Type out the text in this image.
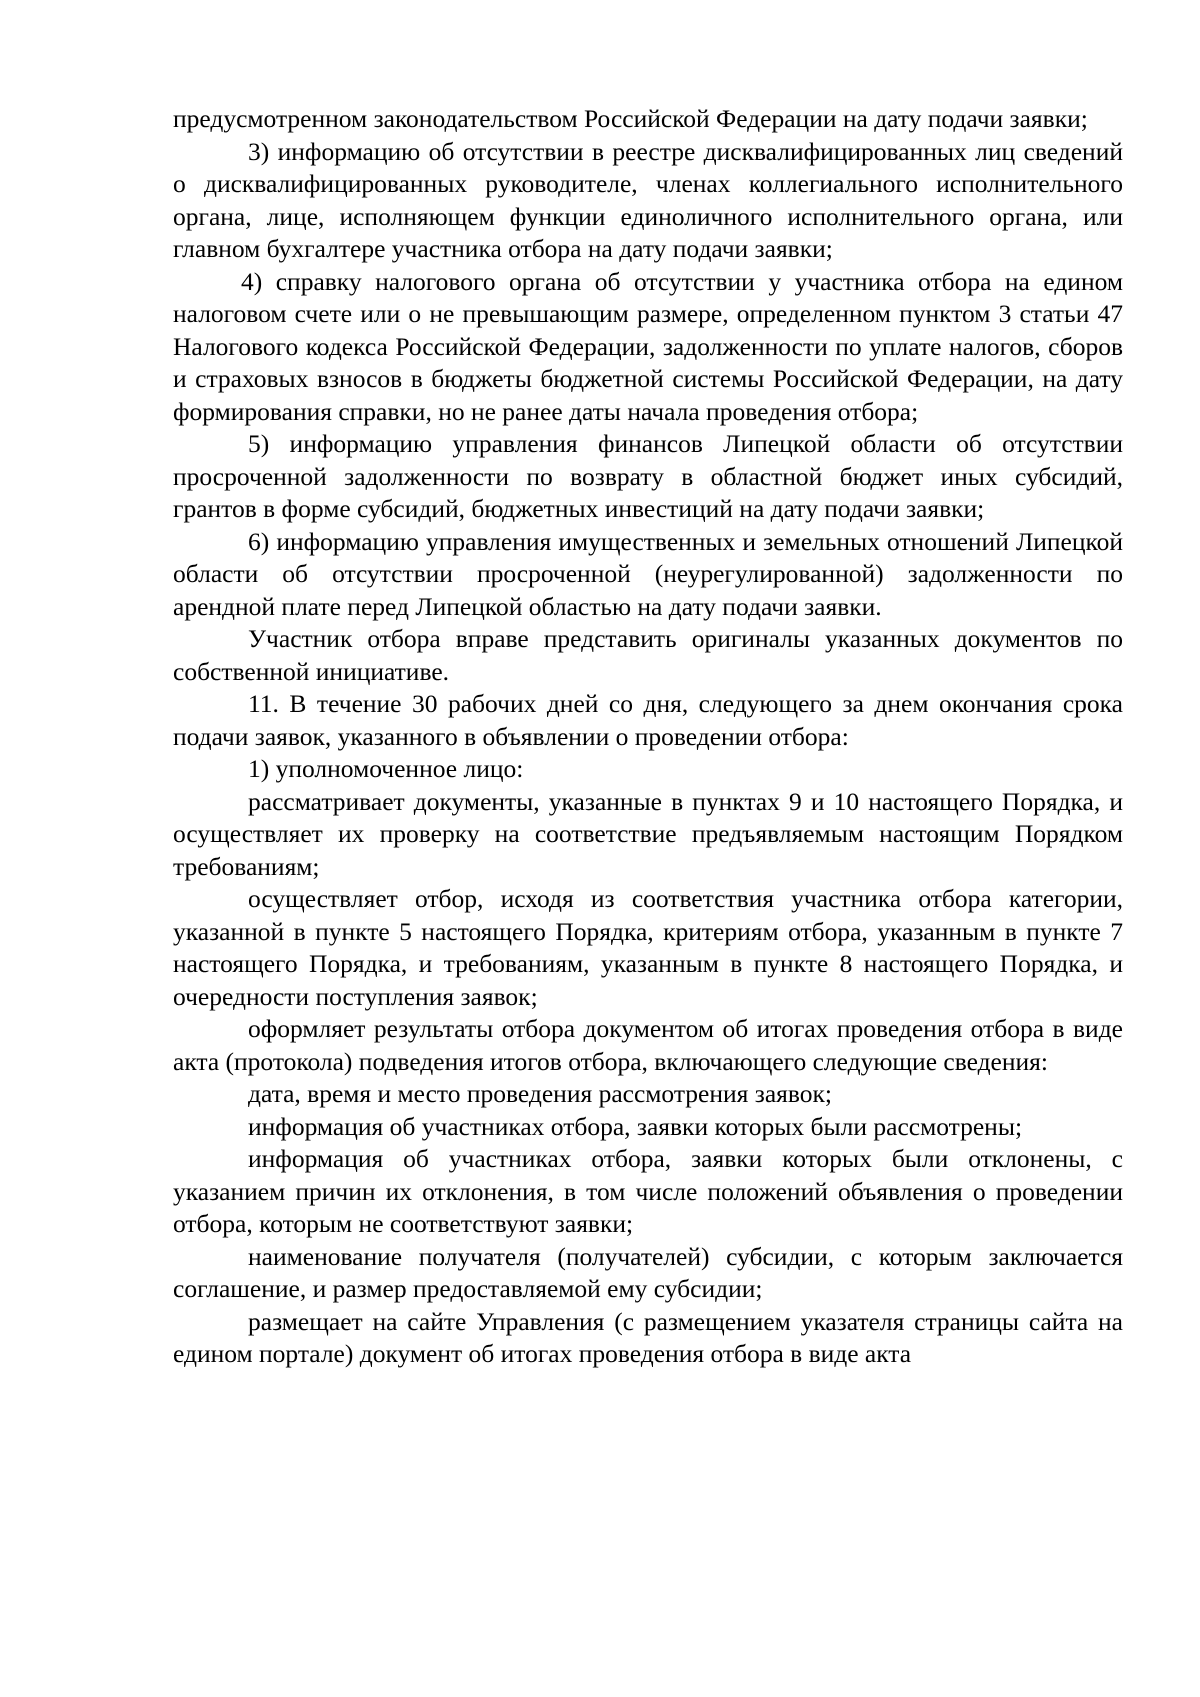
предусмотренном законодательством Российской Федерации на дату подачи заявки;

3) информацию об отсутствии в реестре дисквалифицированных лиц сведений о дисквалифицированных руководителе, членах коллегиального исполнительного органа, лице, исполняющем функции единоличного исполнительного органа, или главном бухгалтере участника отбора на дату подачи заявки;

4) справку налогового органа об отсутствии у участника отбора на едином налоговом счете или о не превышающим размере, определенном пунктом 3 статьи 47 Налогового кодекса Российской Федерации, задолженности по уплате налогов, сборов и страховых взносов в бюджеты бюджетной системы Российской Федерации, на дату формирования справки, но не ранее даты начала проведения отбора;

5) информацию управления финансов Липецкой области об отсутствии просроченной задолженности по возврату в областной бюджет иных субсидий, грантов в форме субсидий, бюджетных инвестиций на дату подачи заявки;

6) информацию управления имущественных и земельных отношений Липецкой области об отсутствии просроченной (неурегулированной) задолженности по арендной плате перед Липецкой областью на дату подачи заявки.

Участник отбора вправе представить оригиналы указанных документов по собственной инициативе.

11. В течение 30 рабочих дней со дня, следующего за днем окончания срока подачи заявок, указанного в объявлении о проведении отбора:

1) уполномоченное лицо:

рассматривает документы, указанные в пунктах 9 и 10 настоящего Порядка, и осуществляет их проверку на соответствие предъявляемым настоящим Порядком требованиям;

осуществляет отбор, исходя из соответствия участника отбора категории, указанной в пункте 5 настоящего Порядка, критериям отбора, указанным в пункте 7 настоящего Порядка, и требованиям, указанным в пункте 8 настоящего Порядка, и очередности поступления заявок;

оформляет результаты отбора документом об итогах проведения отбора в виде акта (протокола) подведения итогов отбора, включающего следующие сведения:

дата, время и место проведения рассмотрения заявок;

информация об участниках отбора, заявки которых были рассмотрены;

информация об участниках отбора, заявки которых были отклонены, с указанием причин их отклонения, в том числе положений объявления о проведении отбора, которым не соответствуют заявки;

наименование получателя (получателей) субсидии, с которым заключается соглашение, и размер предоставляемой ему субсидии;

размещает на сайте Управления (с размещением указателя страницы сайта на едином портале) документ об итогах проведения отбора в виде акта
